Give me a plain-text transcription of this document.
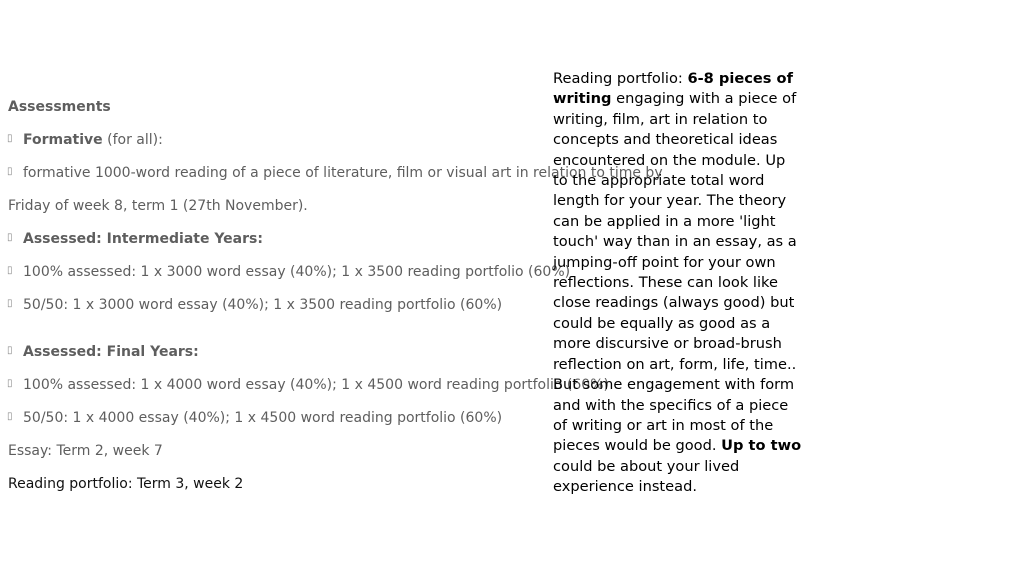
Assessments
▯ Formative (for all):
▯ formative 1000-word reading of a piece of literature, film or visual art in relation to time by
Friday of week 8, term 1 (27th November).
▯ Assessed: Intermediate Years:
▯ 100% assessed: 1 x 3000 word essay (40%); 1 x 3500 reading portfolio (60%)
▯ 50/50: 1 x 3000 word essay (40%); 1 x 3500 reading portfolio (60%)
▯ Assessed: Final Years:
▯ 100% assessed: 1 x 4000 word essay (40%); 1 x 4500 word reading portfolio (60%)
▯ 50/50: 1 x 4000 essay (40%); 1 x 4500 word reading portfolio (60%)
Essay: Term 2, week 7
Reading portfolio: Term 3, week 2

Reading portfolio: 6-8 pieces of writing engaging with a piece of writing, film, art in relation to concepts and theoretical ideas encountered on the module. Up to the appropriate total word length for your year. The theory can be applied in a more 'light touch' way than in an essay, as a jumping-off point for your own reflections. These can look like close readings (always good) but could be equally as good as a more discursive or broad-brush reflection on art, form, life, time.. But some engagement with form and with the specifics of a piece of writing or art in most of the pieces would be good. Up to two could be about your lived experience instead.
